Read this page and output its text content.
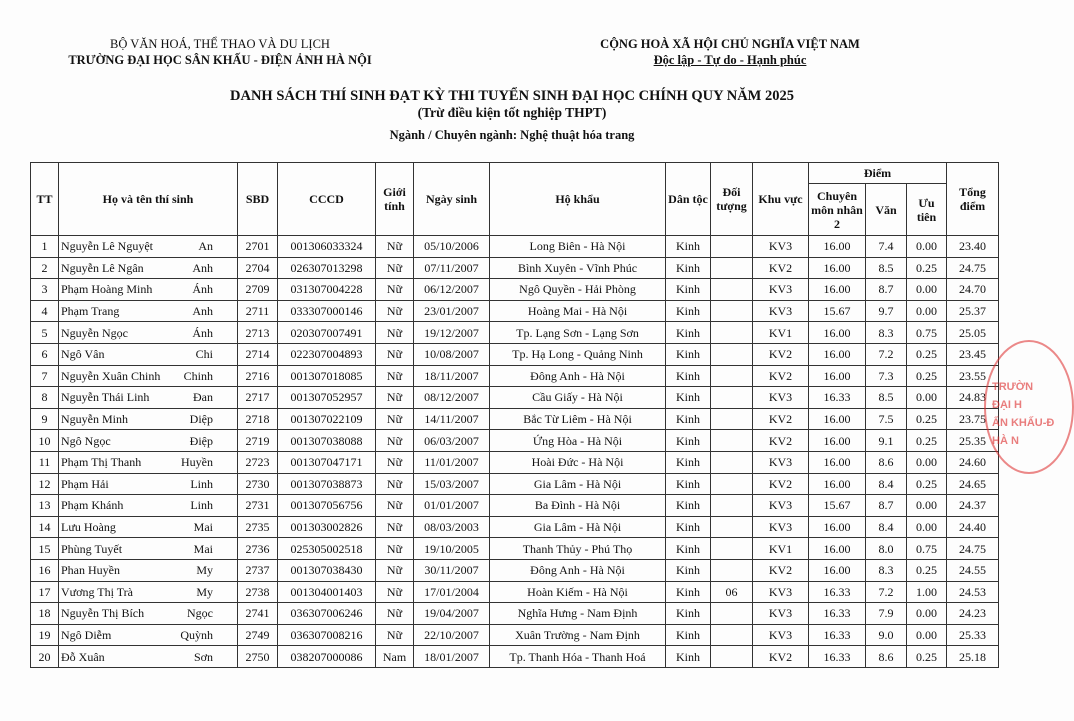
BỘ VĂN HOÁ, THỂ THAO VÀ DU LỊCH
TRƯỜNG ĐẠI HỌC SÂN KHẤU - ĐIỆN ẢNH HÀ NỘI
CỘNG HOÀ XÃ HỘI CHỦ NGHĨA VIỆT NAM
Độc lập - Tự do - Hạnh phúc
DANH SÁCH THÍ SINH ĐẠT KỲ THI TUYỂN SINH ĐẠI HỌC CHÍNH QUY NĂM 2025
(Trừ điều kiện tốt nghiệp THPT)
Ngành / Chuyên ngành: Nghệ thuật hóa trang
TT	Họ và tên thí sinh	SBD	CCCD	Giới tính	Ngày sinh	Hộ khẩu	Dân tộc	Đối tượng	Khu vực	Điểm			Tổng điểm
										Chuyên môn nhân 2	Văn	Ưu tiên	
1	Nguyễn Lê Nguyệt An	2701	001306033324	Nữ	05/10/2006	Long Biên - Hà Nội	Kinh		KV3	16.00	7.4	0.00	23.40
2	Nguyễn Lê Ngân Anh	2704	026307013298	Nữ	07/11/2007	Bình Xuyên - Vĩnh Phúc	Kinh		KV2	16.00	8.5	0.25	24.75
3	Phạm Hoàng Minh Ánh	2709	031307004228	Nữ	06/12/2007	Ngô Quyền - Hải Phòng	Kinh		KV3	16.00	8.7	0.00	24.70
4	Phạm Trang Anh	2711	033307000146	Nữ	23/01/2007	Hoàng Mai - Hà Nội	Kinh		KV3	15.67	9.7	0.00	25.37
5	Nguyễn Ngọc Ánh	2713	020307007491	Nữ	19/12/2007	Tp. Lạng Sơn - Lạng Sơn	Kinh		KV1	16.00	8.3	0.75	25.05
6	Ngô Vân Chi	2714	022307004893	Nữ	10/08/2007	Tp. Hạ Long - Quảng Ninh	Kinh		KV2	16.00	7.2	0.25	23.45
7	Nguyễn Xuân Chinh Chinh	2716	001307018085	Nữ	18/11/2007	Đông Anh - Hà Nội	Kinh		KV2	16.00	7.3	0.25	23.55
8	Nguyễn Thái Linh Đan	2717	001307052957	Nữ	08/12/2007	Cầu Giấy - Hà Nội	Kinh		KV3	16.33	8.5	0.00	24.83
9	Nguyễn Minh Diệp	2718	001307022109	Nữ	14/11/2007	Bắc Từ Liêm - Hà Nội	Kinh		KV2	16.00	7.5	0.25	23.75
10	Ngô Ngọc Điệp	2719	001307038088	Nữ	06/03/2007	Ứng Hòa - Hà Nội	Kinh		KV2	16.00	9.1	0.25	25.35
11	Phạm Thị Thanh Huyền	2723	001307047171	Nữ	11/01/2007	Hoài Đức - Hà Nội	Kinh		KV3	16.00	8.6	0.00	24.60
12	Phạm Hải Linh	2730	001307038873	Nữ	15/03/2007	Gia Lâm - Hà Nội	Kinh		KV2	16.00	8.4	0.25	24.65
13	Phạm Khánh Linh	2731	001307056756	Nữ	01/01/2007	Ba Đình - Hà Nội	Kinh		KV3	15.67	8.7	0.00	24.37
14	Lưu Hoàng Mai	2735	001303002826	Nữ	08/03/2003	Gia Lâm - Hà Nội	Kinh		KV3	16.00	8.4	0.00	24.40
15	Phùng Tuyết Mai	2736	025305002518	Nữ	19/10/2005	Thanh Thủy - Phú Thọ	Kinh		KV1	16.00	8.0	0.75	24.75
16	Phan Huyền My	2737	001307038430	Nữ	30/11/2007	Đông Anh - Hà Nội	Kinh		KV2	16.00	8.3	0.25	24.55
17	Vương Thị Trà My	2738	001304001403	Nữ	17/01/2004	Hoàn Kiếm - Hà Nội	Kinh	06	KV3	16.33	7.2	1.00	24.53
18	Nguyễn Thị Bích Ngọc	2741	036307006246	Nữ	19/04/2007	Nghĩa Hưng - Nam Định	Kinh		KV3	16.33	7.9	0.00	24.23
19	Ngô Diễm Quỳnh	2749	036307008216	Nữ	22/10/2007	Xuân Trường - Nam Định	Kinh		KV3	16.33	9.0	0.00	25.33
20	Đỗ Xuân Sơn	2750	038207000086	Nam	18/01/2007	Tp. Thanh Hóa - Thanh Hoá	Kinh		KV2	16.33	8.6	0.25	25.18
TRƯỜN
ĐẠI H
ẤN KHẤU-Đ
HÀ N
